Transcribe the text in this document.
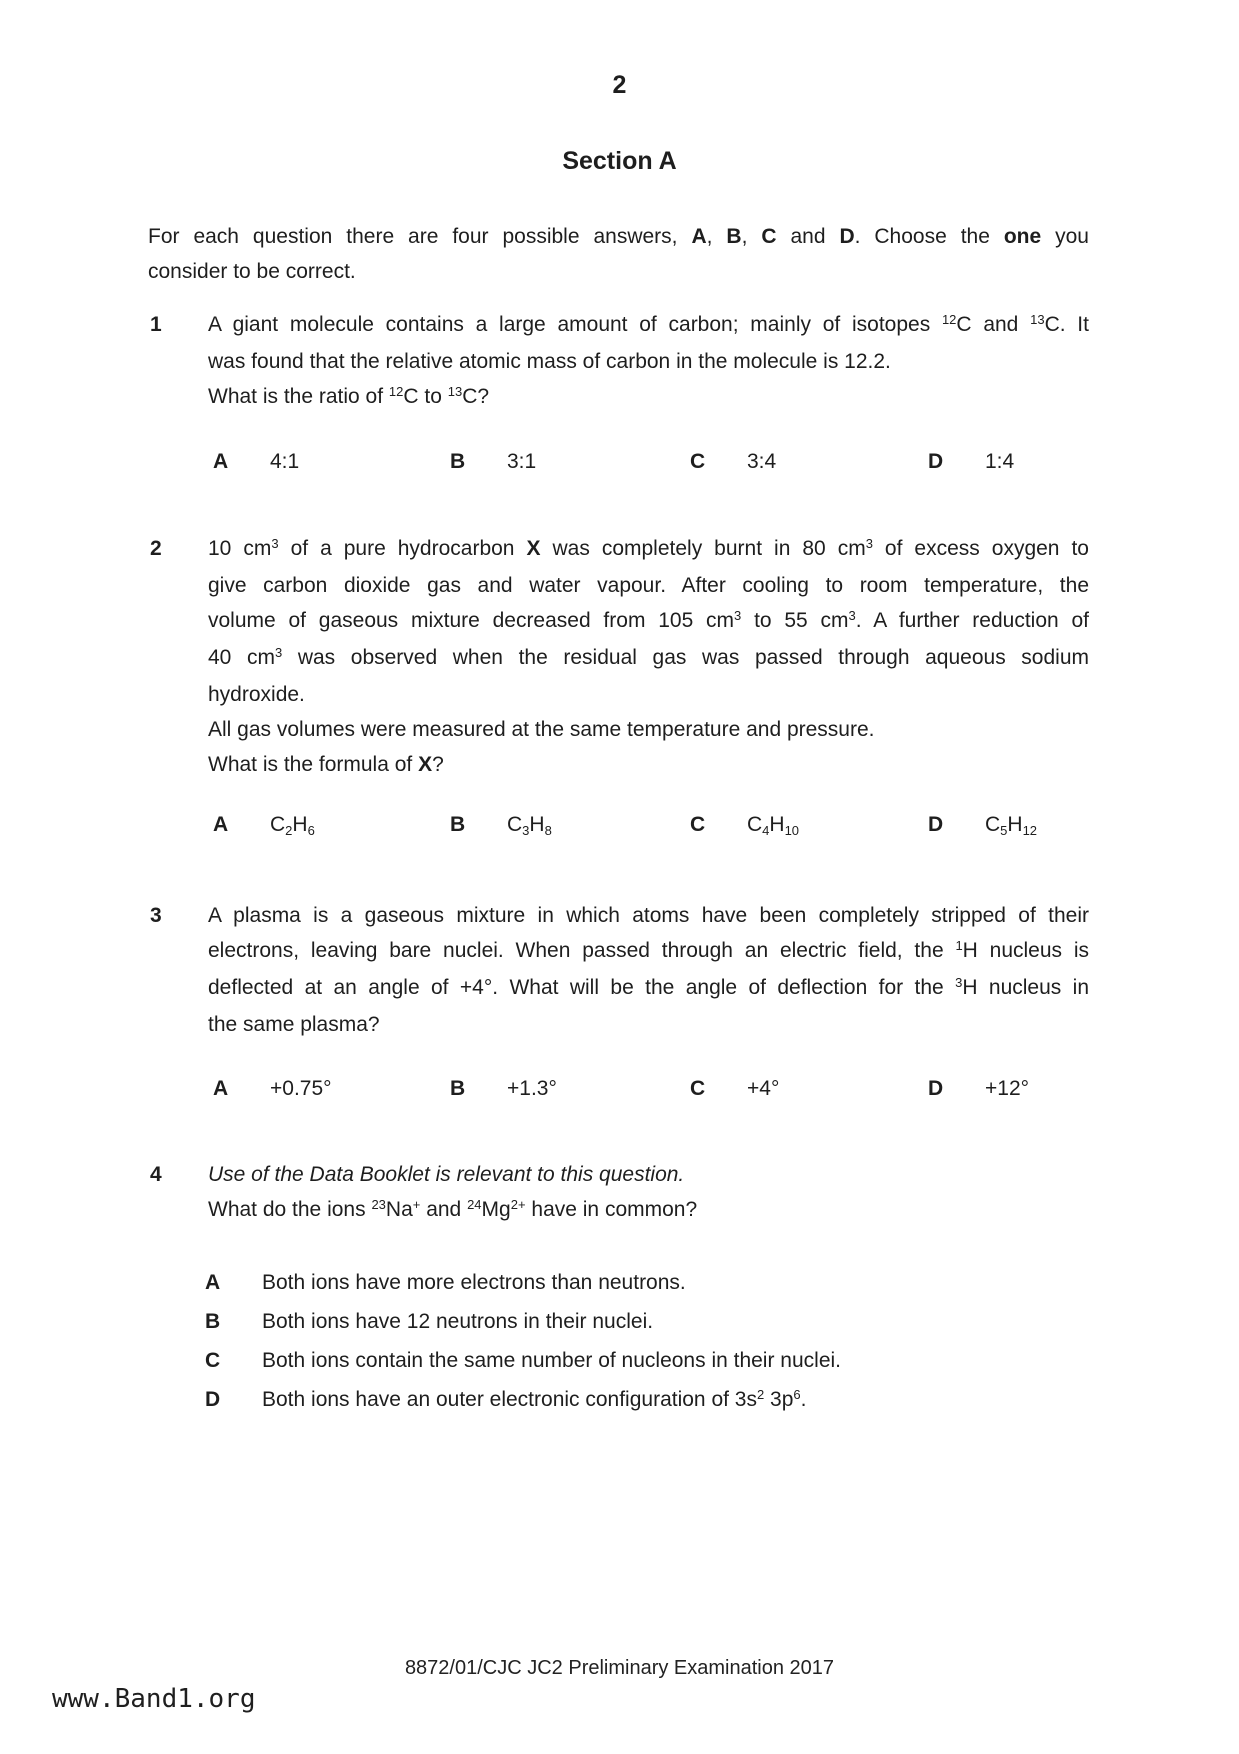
2
Section A
For each question there are four possible answers, A, B, C and D. Choose the one you
consider to be correct.
1 A giant molecule contains a large amount of carbon; mainly of isotopes $^{12}$C and $^{13}$C. It
was found that the relative atomic mass of carbon in the molecule is 12.2.
What is the ratio of $^{12}$C to $^{13}$C?
A 4:1	B 3:1	C 3:4	D 1:4
2 10 $cm^3$ of a pure hydrocarbon X was completely burnt in 80 $cm^3$ of excess oxygen to
give carbon dioxide gas and water vapour. After cooling to room temperature, the
volume of gaseous mixture decreased from 105 $cm^3$ to 55 $cm^3$. A further reduction of
40 $cm^3$ was observed when the residual gas was passed through aqueous sodium
hydroxide.
All gas volumes were measured at the same temperature and pressure.
What is the formula of X?
A C2H6	B C3H8	C C4H10	D C5H12
3 A plasma is a gaseous mixture in which atoms have been completely stripped of their
electrons, leaving bare nuclei. When passed through an electric field, the $^1$H nucleus is
deflected at an angle of +4°. What will be the angle of deflection for the $^3$H nucleus in
the same plasma?
A +0.75°	B +1.3°	C +4°	D +12°
4 Use of the Data Booklet is relevant to this question.
What do the ions $^{23}$Na+ and $^{24}Mg^{2+}$ have in common?
A Both ions have more electrons than neutrons.
B Both ions have 12 neutrons in their nuclei.
C Both ions contain the same number of nucleons in their nuclei.
D Both ions have an outer electronic configuration of $3s^2$ $3p^6$.
8872/01/CJC JC2 Preliminary Examination 2017
www.Band1.org
